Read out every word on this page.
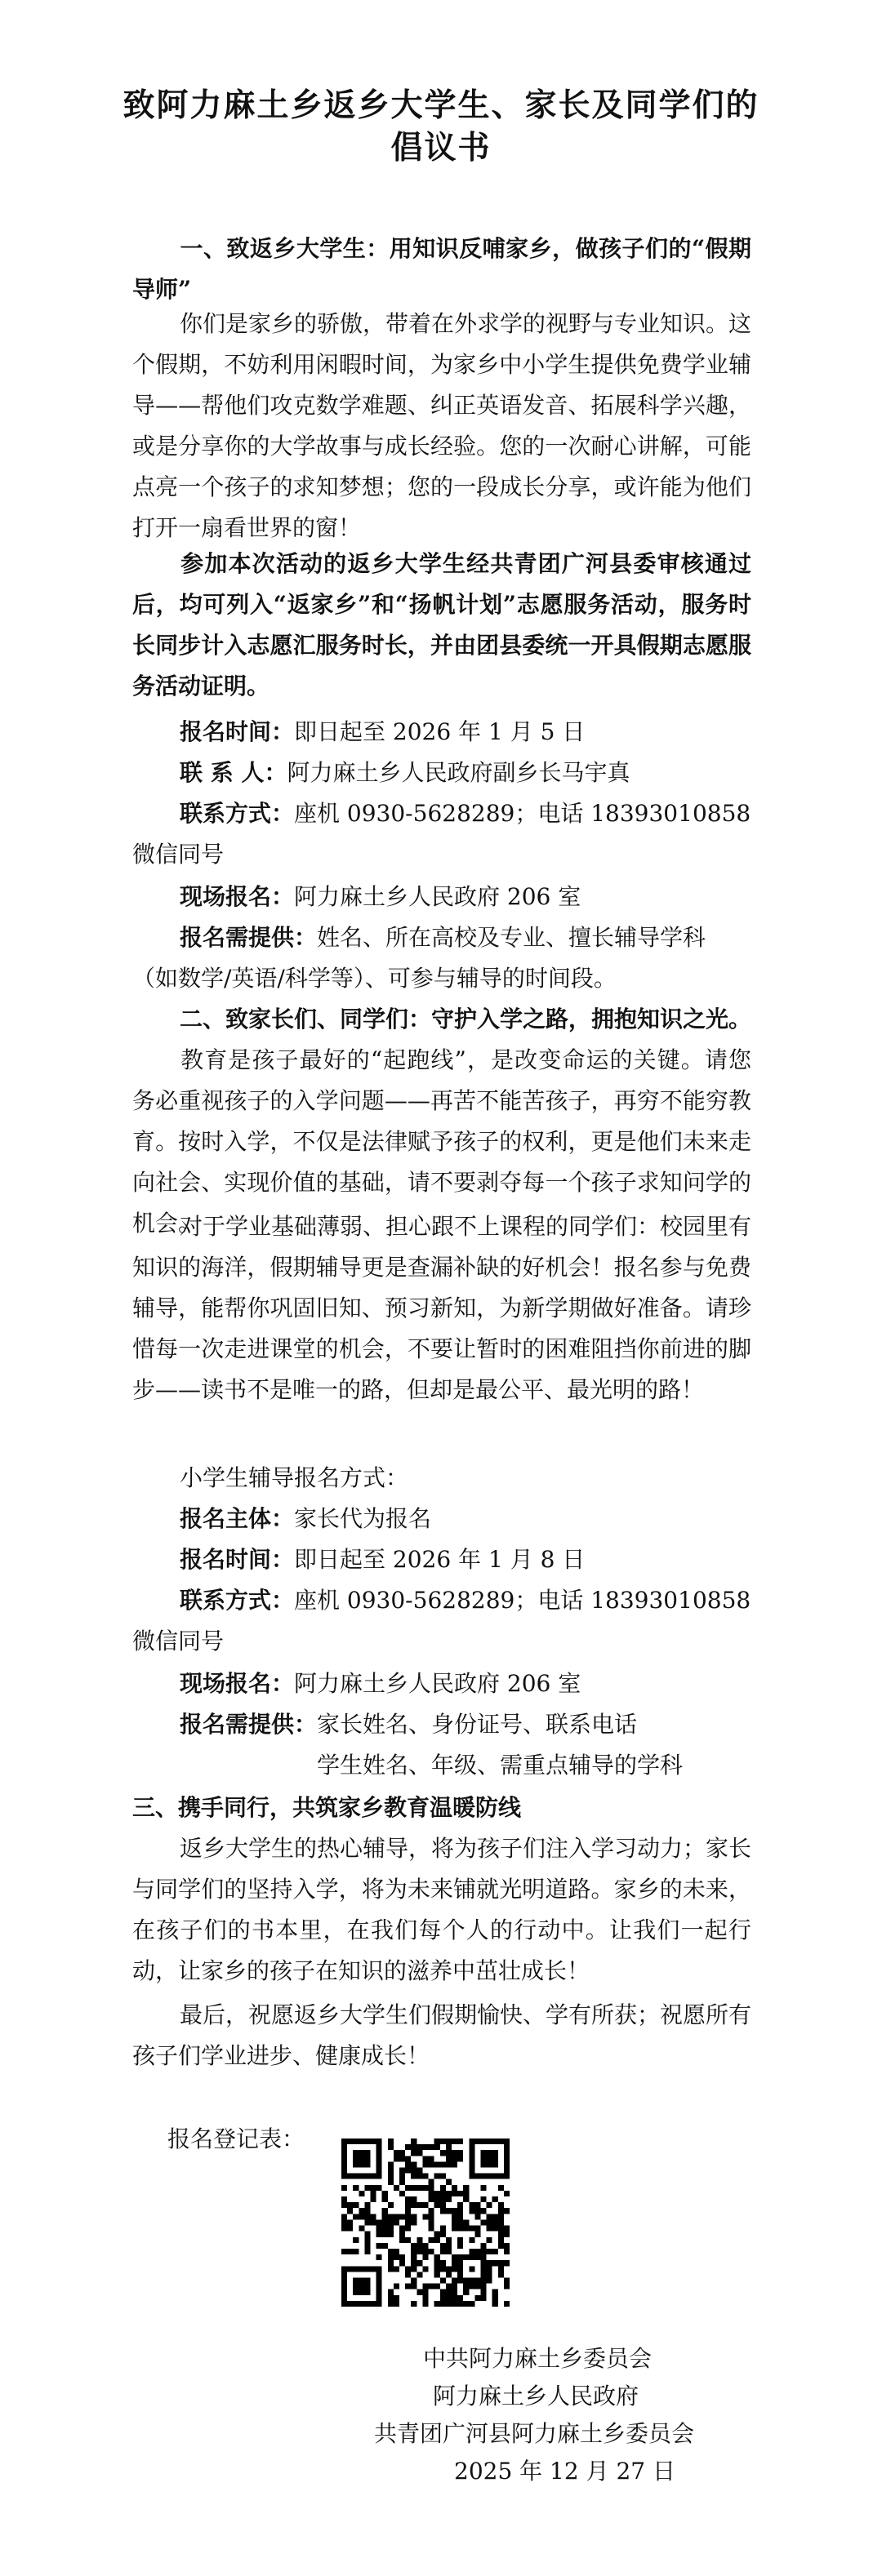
致阿力麻土乡返乡大学生、家长及同学们的
倡议书

一、致返乡大学生：用知识反哺家乡，做孩子们的“假期导师”

你们是家乡的骄傲，带着在外求学的视野与专业知识。这个假期，不妨利用闲暇时间，为家乡中小学生提供免费学业辅导——帮他们攻克数学难题、纠正英语发音、拓展科学兴趣，或是分享你的大学故事与成长经验。您的一次耐心讲解，可能点亮一个孩子的求知梦想；您的一段成长分享，或许能为他们打开一扇看世界的窗！

参加本次活动的返乡大学生经共青团广河县委审核通过后，均可列入“返家乡”和“扬帆计划”志愿服务活动，服务时长同步计入志愿汇服务时长，并由团县委统一开具假期志愿服务活动证明。

报名时间：即日起至 2026 年 1 月 5 日
联 系 人：阿力麻土乡人民政府副乡长马宇真
联系方式：座机 0930-5628289；电话 18393010858 微信同号
现场报名：阿力麻土乡人民政府 206 室
报名需提供：姓名、所在高校及专业、擅长辅导学科（如数学/英语/科学等）、可参与辅导的时间段。

二、致家长们、同学们：守护入学之路，拥抱知识之光。

教育是孩子最好的“起跑线”，是改变命运的关键。请您务必重视孩子的入学问题——再苦不能苦孩子，再穷不能穷教育。按时入学，不仅是法律赋予孩子的权利，更是他们未来走向社会、实现价值的基础，请不要剥夺每一个孩子求知问学的机会。

对于学业基础薄弱、担心跟不上课程的同学们：校园里有知识的海洋，假期辅导更是查漏补缺的好机会！报名参与免费辅导，能帮你巩固旧知、预习新知，为新学期做好准备。请珍惜每一次走进课堂的机会，不要让暂时的困难阻挡你前进的脚步——读书不是唯一的路，但却是最公平、最光明的路！

小学生辅导报名方式：
报名主体：家长代为报名
报名时间：即日起至 2026 年 1 月 8 日
联系方式：座机 0930-5628289；电话 18393010858 微信同号
现场报名：阿力麻土乡人民政府 206 室
报名需提供：家长姓名、身份证号、联系电话
学生姓名、年级、需重点辅导的学科
三、携手同行，共筑家乡教育温暖防线

返乡大学生的热心辅导，将为孩子们注入学习动力；家长与同学们的坚持入学，将为未来铺就光明道路。家乡的未来，在孩子们的书本里，在我们每个人的行动中。让我们一起行动，让家乡的孩子在知识的滋养中茁壮成长！

最后，祝愿返乡大学生们假期愉快、学有所获；祝愿所有孩子们学业进步、健康成长！

报名登记表：
中共阿力麻土乡委员会
阿力麻土乡人民政府
共青团广河县阿力麻土乡委员会
2025 年 12 月 27 日
